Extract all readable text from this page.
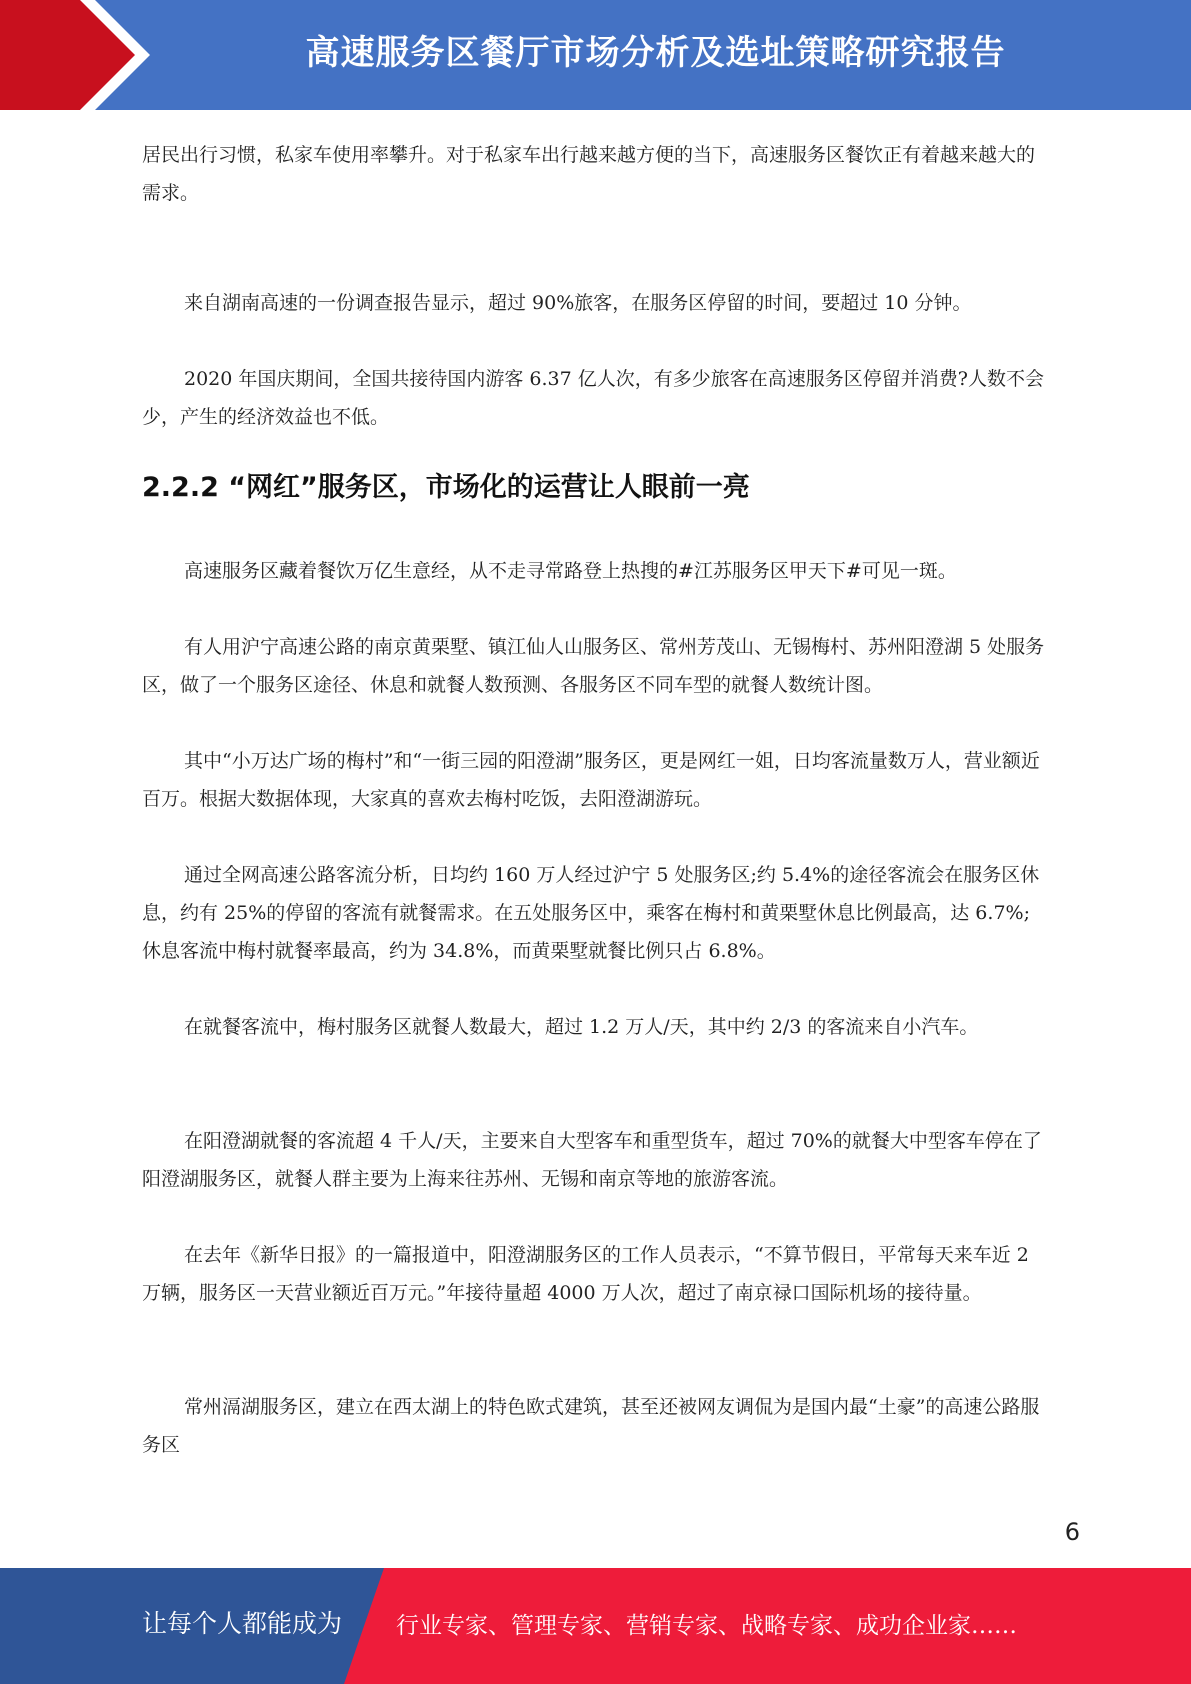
高速服务区餐厅市场分析及选址策略研究报告

居民出行习惯，私家车使用率攀升。对于私家车出行越来越方便的当下，高速服务区餐饮正有着越来越大的需求。

来自湖南高速的一份调查报告显示，超过 90%旅客，在服务区停留的时间，要超过 10 分钟。

2020 年国庆期间，全国共接待国内游客 6.37 亿人次，有多少旅客在高速服务区停留并消费?人数不会少，产生的经济效益也不低。

2.2.2 “网红”服务区，市场化的运营让人眼前一亮

高速服务区藏着餐饮万亿生意经，从不走寻常路登上热搜的#江苏服务区甲天下#可见一斑。

有人用沪宁高速公路的南京黄栗墅、镇江仙人山服务区、常州芳茂山、无锡梅村、苏州阳澄湖 5 处服务区，做了一个服务区途径、休息和就餐人数预测、各服务区不同车型的就餐人数统计图。

其中“小万达广场的梅村”和“一街三园的阳澄湖”服务区，更是网红一姐，日均客流量数万人，营业额近百万。根据大数据体现，大家真的喜欢去梅村吃饭，去阳澄湖游玩。

通过全网高速公路客流分析，日均约 160 万人经过沪宁 5 处服务区;约 5.4%的途径客流会在服务区休息，约有 25%的停留的客流有就餐需求。在五处服务区中，乘客在梅村和黄栗墅休息比例最高，达 6.7%;休息客流中梅村就餐率最高，约为 34.8%，而黄栗墅就餐比例只占 6.8%。

在就餐客流中，梅村服务区就餐人数最大，超过 1.2 万人/天，其中约 2/3 的客流来自小汽车。

在阳澄湖就餐的客流超 4 千人/天，主要来自大型客车和重型货车，超过 70%的就餐大中型客车停在了阳澄湖服务区，就餐人群主要为上海来往苏州、无锡和南京等地的旅游客流。

在去年《新华日报》的一篇报道中，阳澄湖服务区的工作人员表示，“不算节假日，平常每天来车近 2 万辆，服务区一天营业额近百万元。”年接待量超 4000 万人次，超过了南京禄口国际机场的接待量。

常州滆湖服务区，建立在西太湖上的特色欧式建筑，甚至还被网友调侃为是国内最“土豪”的高速公路服务区

6
让每个人都能成为 行业专家、管理专家、营销专家、战略专家、成功企业家……
